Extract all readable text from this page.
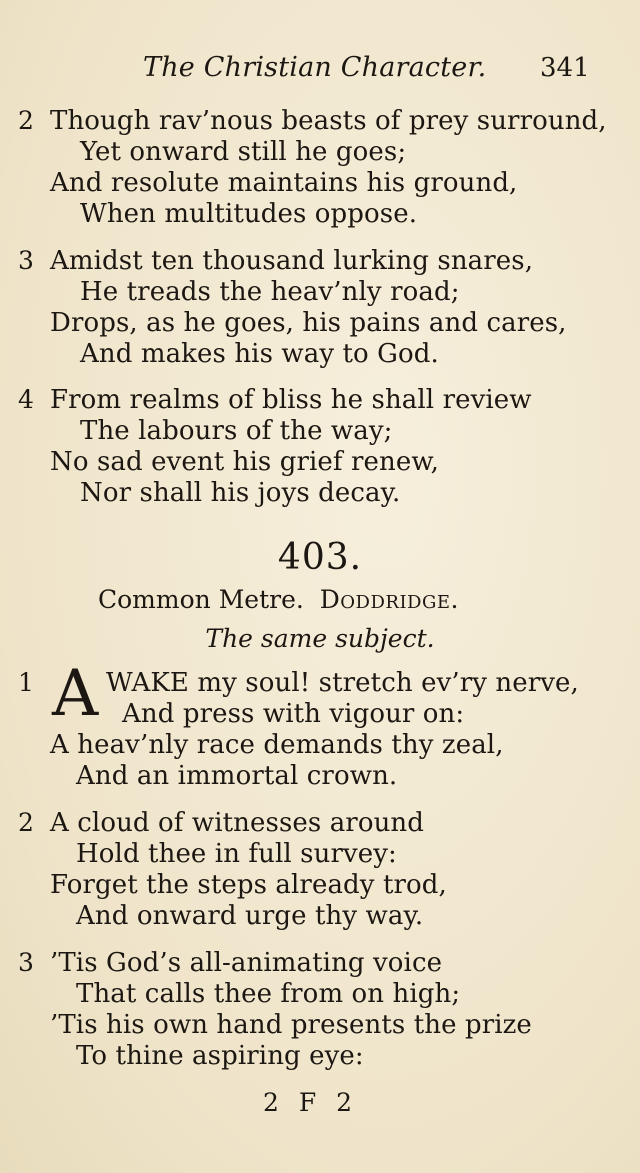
The Christian Character. 341
2 Though rav’nous beasts of prey surround,
Yet onward still he goes;
And resolute maintains his ground,
When multitudes oppose.
3 Amidst ten thousand lurking snares,
He treads the heav’nly road;
Drops, as he goes, his pains and cares,
And makes his way to God.
4 From realms of bliss he shall review
The labours of the way;
No sad event his grief renew,
Nor shall his joys decay.
403.
Common Metre. Doddridge.
The same subject.
1 A WAKE my soul! stretch ev’ry nerve,
And press with vigour on:
A heav’nly race demands thy zeal,
And an immortal crown.
2 A cloud of witnesses around
Hold thee in full survey:
Forget the steps already trod,
And onward urge thy way.
3 ’Tis God’s all-animating voice
That calls thee from on high;
’Tis his own hand presents the prize
To thine aspiring eye:
2 F 2
